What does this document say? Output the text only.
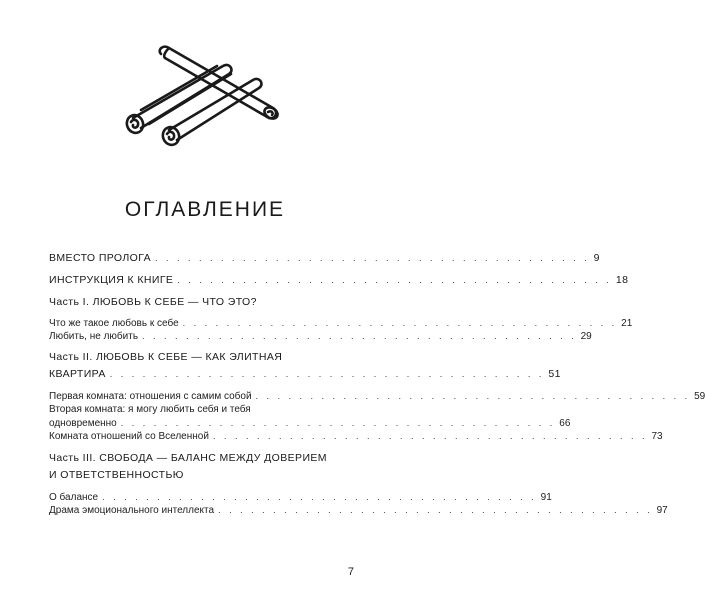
ОГЛАВЛЕНИЕ
ВМЕСТО ПРОЛОГА . . . . . . . . . . . . . . . . . . . . . . . . . . . . . . . . . . . . . . . . 9
ИНСТРУКЦИЯ К КНИГЕ . . . . . . . . . . . . . . . . . . . . . . . . . . . . . . . . . . . . . . . . 18
Часть I. ЛЮБОВЬ К СЕБЕ — ЧТО ЭТО?
Что же такое любовь к себе . . . . . . . . . . . . . . . . . . . . . . . . . . . . . . . . . . . . . . . . 21
Любить, не любить . . . . . . . . . . . . . . . . . . . . . . . . . . . . . . . . . . . . . . . . 29
Часть II. ЛЮБОВЬ К СЕБЕ — КАК ЭЛИТНАЯ
КВАРТИРА . . . . . . . . . . . . . . . . . . . . . . . . . . . . . . . . . . . . . . . . 51
Первая комната: отношения с самим собой . . . . . . . . . . . . . . . . . . . . . . . . . . . . . . . . . . . . . . . . 59
Вторая комната: я могу любить себя и тебя
одновременно . . . . . . . . . . . . . . . . . . . . . . . . . . . . . . . . . . . . . . . . 66
Комната отношений со Вселенной . . . . . . . . . . . . . . . . . . . . . . . . . . . . . . . . . . . . . . . . 73
Часть III. СВОБОДА — БАЛАНС МЕЖДУ ДОВЕРИЕМ
И ОТВЕТСТВЕННОСТЬЮ
О балансе . . . . . . . . . . . . . . . . . . . . . . . . . . . . . . . . . . . . . . . . 91
Драма эмоционального интеллекта . . . . . . . . . . . . . . . . . . . . . . . . . . . . . . . . . . . . . . . . 97
7
